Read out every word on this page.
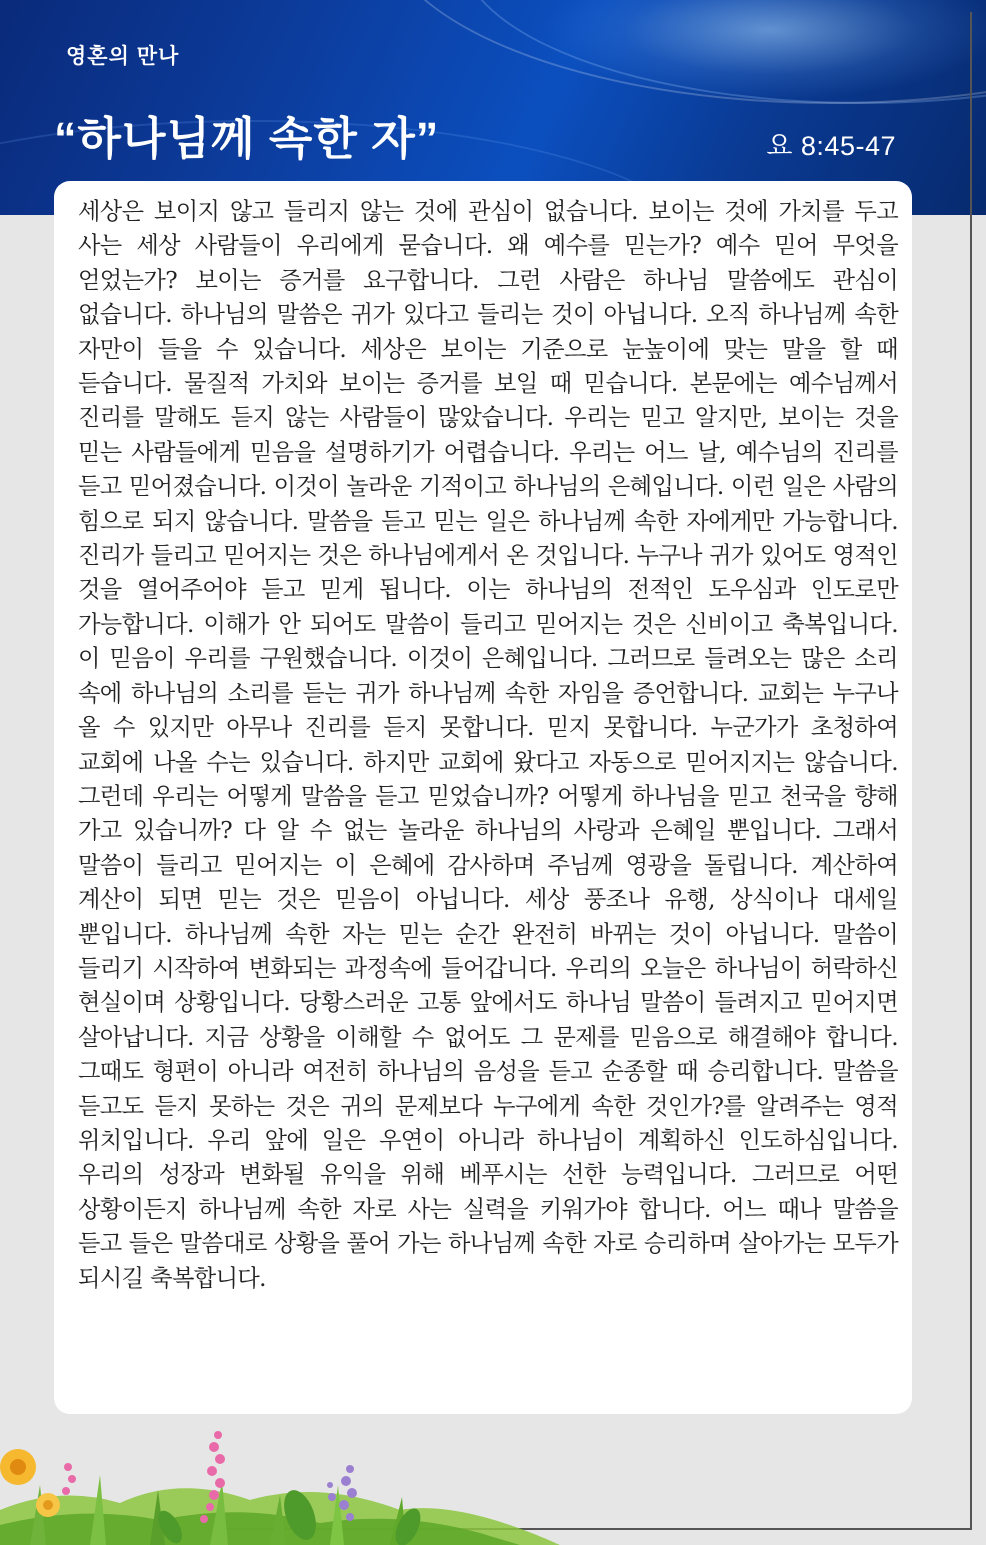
영혼의 만나
“하나님께 속한 자”	요 8:45-47

세상은 보이지 않고 들리지 않는 것에 관심이 없습니다. 보이는 것에 가치를 두고 사는 세상 사람들이 우리에게 묻습니다. 왜 예수를 믿는가? 예수 믿어 무엇을 얻었는가? 보이는 증거를 요구합니다. 그런 사람은 하나님 말씀에도 관심이 없습니다. 하나님의 말씀은 귀가 있다고 들리는 것이 아닙니다. 오직 하나님께 속한 자만이 들을 수 있습니다. 세상은 보이는 기준으로 눈높이에 맞는 말을 할 때 듣습니다. 물질적 가치와 보이는 증거를 보일 때 믿습니다. 본문에는 예수님께서 진리를 말해도 듣지 않는 사람들이 많았습니다. 우리는 믿고 알지만, 보이는 것을 믿는 사람들에게 믿음을 설명하기가 어렵습니다. 우리는 어느 날, 예수님의 진리를 듣고 믿어졌습니다. 이것이 놀라운 기적이고 하나님의 은혜입니다. 이런 일은 사람의 힘으로 되지 않습니다. 말씀을 듣고 믿는 일은 하나님께 속한 자에게만 가능합니다. 진리가 들리고 믿어지는 것은 하나님에게서 온 것입니다. 누구나 귀가 있어도 영적인 것을 열어주어야 듣고 믿게 됩니다. 이는 하나님의 전적인 도우심과 인도로만 가능합니다. 이해가 안 되어도 말씀이 들리고 믿어지는 것은 신비이고 축복입니다. 이 믿음이 우리를 구원했습니다. 이것이 은혜입니다. 그러므로 들려오는 많은 소리 속에 하나님의 소리를 듣는 귀가 하나님께 속한 자임을 증언합니다. 교회는 누구나 올 수 있지만 아무나 진리를 듣지 못합니다. 믿지 못합니다. 누군가가 초청하여 교회에 나올 수는 있습니다. 하지만 교회에 왔다고 자동으로 믿어지지는 않습니다. 그런데 우리는 어떻게 말씀을 듣고 믿었습니까? 어떻게 하나님을 믿고 천국을 향해 가고 있습니까? 다 알 수 없는 놀라운 하나님의 사랑과 은혜일 뿐입니다. 그래서 말씀이 들리고 믿어지는 이 은혜에 감사하며 주님께 영광을 돌립니다. 계산하여 계산이 되면 믿는 것은 믿음이 아닙니다. 세상 풍조나 유행, 상식이나 대세일 뿐입니다. 하나님께 속한 자는 믿는 순간 완전히 바뀌는 것이 아닙니다. 말씀이 들리기 시작하여 변화되는 과정속에 들어갑니다. 우리의 오늘은 하나님이 허락하신 현실이며 상황입니다. 당황스러운 고통 앞에서도 하나님 말씀이 들려지고 믿어지면 살아납니다. 지금 상황을 이해할 수 없어도 그 문제를 믿음으로 해결해야 합니다. 그때도 형편이 아니라 여전히 하나님의 음성을 듣고 순종할 때 승리합니다. 말씀을 듣고도 듣지 못하는 것은 귀의 문제보다 누구에게 속한 것인가?를 알려주는 영적 위치입니다. 우리 앞에 일은 우연이 아니라 하나님이 계획하신 인도하심입니다. 우리의 성장과 변화될 유익을 위해 베푸시는 선한 능력입니다. 그러므로 어떤 상황이든지 하나님께 속한 자로 사는 실력을 키워가야 합니다. 어느 때나 말씀을 듣고 들은 말씀대로 상황을 풀어 가는 하나님께 속한 자로 승리하며 살아가는 모두가 되시길 축복합니다.
